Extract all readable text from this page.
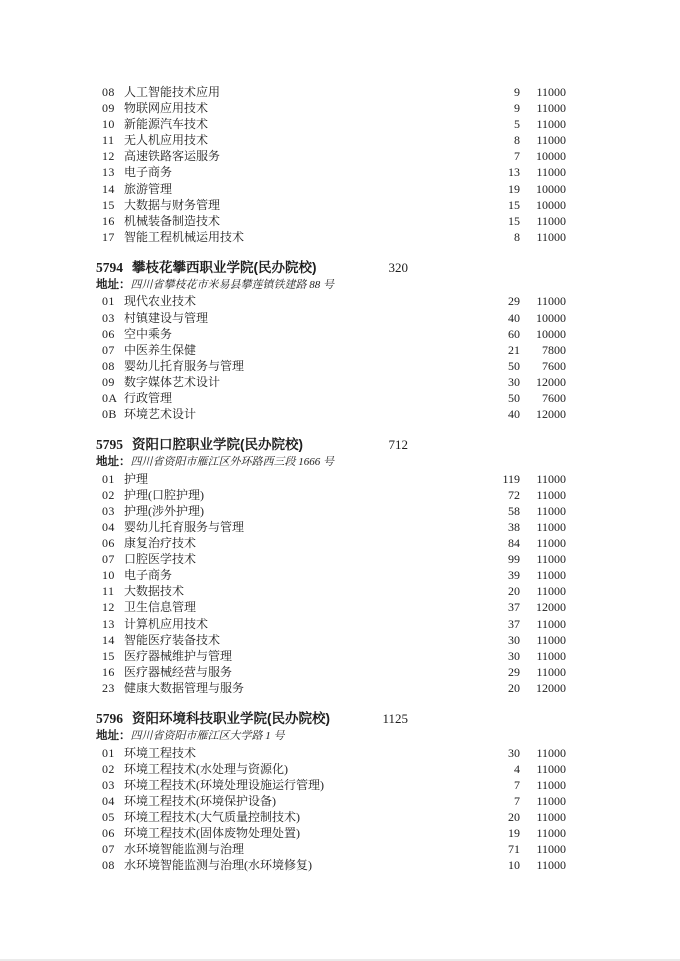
08 人工智能技术应用	9	11000
09 物联网应用技术	9	11000
10 新能源汽车技术	5	11000
11 无人机应用技术	8	11000
12 高速铁路客运服务	7	10000
13 电子商务	13	11000
14 旅游管理	19	10000
15 大数据与财务管理	15	10000
16 机械装备制造技术	15	11000
17 智能工程机械运用技术	8	11000
320
5794 攀枝花攀西职业学院(民办院校)
地址：四川省攀枝花市米易县攀莲镇铁建路 88 号
01 现代农业技术	29	11000
03 村镇建设与管理	40	10000
06 空中乘务	60	10000
07 中医养生保健	21	7800
08 婴幼儿托育服务与管理	50	7600
09 数字媒体艺术设计	30	12000
0A 行政管理	50	7600
0B 环境艺术设计	40	12000
712
5795 资阳口腔职业学院(民办院校)
地址：四川省资阳市雁江区外环路西三段 1666 号
01 护理	119	11000
02 护理(口腔护理)	72	11000
03 护理(涉外护理)	58	11000
04 婴幼儿托育服务与管理	38	11000
06 康复治疗技术	84	11000
07 口腔医学技术	99	11000
10 电子商务	39	11000
11 大数据技术	20	11000
12 卫生信息管理	37	12000
13 计算机应用技术	37	11000
14 智能医疗装备技术	30	11000
15 医疗器械维护与管理	30	11000
16 医疗器械经营与服务	29	11000
23 健康大数据管理与服务	20	12000
1125
5796 资阳环境科技职业学院(民办院校)
地址：四川省资阳市雁江区大学路 1 号
01 环境工程技术	30	11000
02 环境工程技术(水处理与资源化)	4	11000
03 环境工程技术(环境处理设施运行管理)	7	11000
04 环境工程技术(环境保护设备)	7	11000
05 环境工程技术(大气质量控制技术)	20	11000
06 环境工程技术(固体废物处理处置)	19	11000
07 水环境智能监测与治理	71	11000
08 水环境智能监测与治理(水环境修复)	10	11000
